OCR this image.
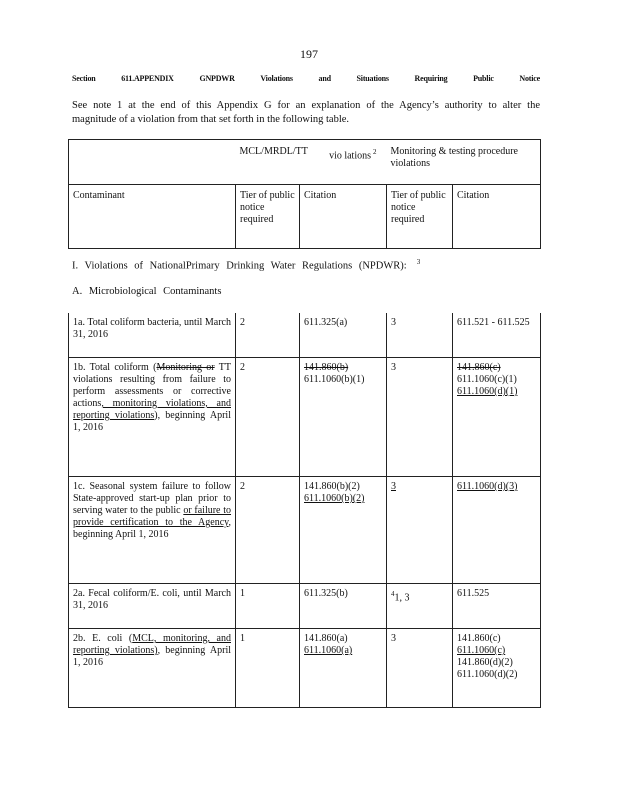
197
Section	611.APPENDIX	GNPDWR	Violations	and	Situations	Requiring	Public	Notice
See note 1 at the end of this Appendix G for an explanation of the Agency’s authority to alter the
magnitude of a violation from that set forth in the following table.

	MCL/MRDL/TT vio lations $^2$		Monitoring & testing procedure violations	
Contaminant	Tier of public notice required	Citation	Tier of public notice required	Citation
I. Violations of NationalPrimary Drinking Water Regulations (NPDWR): $^3$
A. Microbiological Contaminants
1a. Total coliform bacteria, until March 31, 2016	2	611.325(a)	3	611.521 - 611.525

1b. Total coliform (Monitoring or TT violations resulting from failure to perform assessments or corrective actions, monitoring violations, and reporting violations), beginning April 1, 2016	2	141.860(b)
611.1060(b)(1)	3	141.860(c)
611.1060(c)(1)
611.1060(d)(1)

1c. Seasonal system failure to follow State-approved start-up plan prior to serving water to the public or failure to provide certification to the Agency, beginning April 1, 2016	2	141.860(b)(2)
611.1060(b)(2)	3	611.1060(d)(3)

2a. Fecal coliform/E. coli, until March 31, 2016	1	611.325(b)	$^4$1, 3	611.525

2b. E. coli (MCL, monitoring, and reporting violations), beginning April 1, 2016	1	141.860(a)
611.1060(a)	3	141.860(c)
611.1060(c)
141.860(d)(2)
611.1060(d)(2)
